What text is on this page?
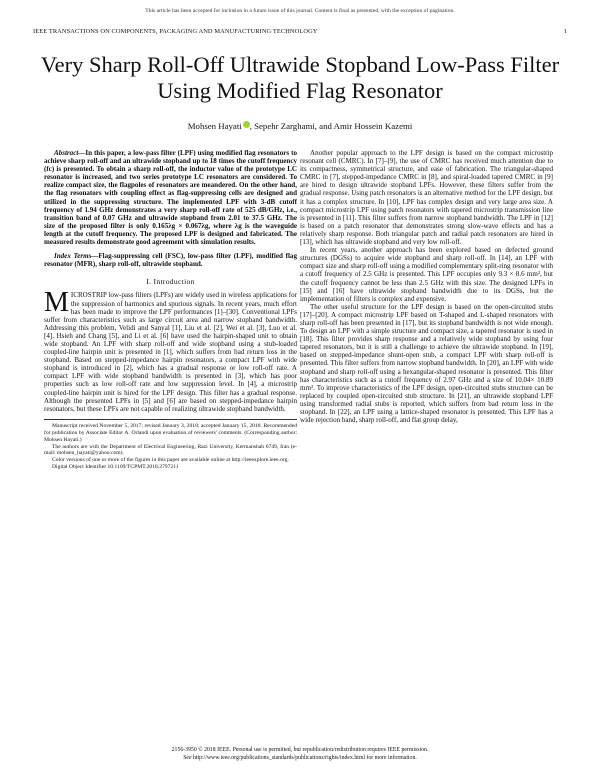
This article has been accepted for inclusion in a future issue of this journal. Content is final as presented, with the exception of pagination.
IEEE TRANSACTIONS ON COMPONENTS, PACKAGING AND MANUFACTURING TECHNOLOGY	1
Very Sharp Roll-Off Ultrawide Stopband Low-Pass Filter Using Modified Flag Resonator
Mohsen Hayati , Sepehr Zarghami, and Amir Hossein Kazemi

Abstract—In this paper, a low-pass filter (LPF) using modified flag resonators to achieve sharp roll-off and an ultrawide stopband up to 18 times the cutoff frequency (fc) is presented. To obtain a sharp roll-off, the inductor value of the prototype LC resonator is increased, and two series prototype LC resonators are considered. To realize compact size, the flagpoles of resonators are meandered. On the other hand, the flag resonators with coupling effect as flag-suppressing cells are designed and utilized in the suppressing structure. The implemented LPF with 3-dB cutoff frequency of 1.94 GHz demonstrates a very sharp roll-off rate of 525 dB/GHz, i.e., transition band of 0.07 GHz and ultrawide stopband from 2.01 to 37.5 GHz. The size of the proposed filter is only 0.165λg × 0.067λg, where λg is the waveguide length at the cutoff frequency. The proposed LPF is designed and fabricated. The measured results demonstrate good agreement with simulation results.

Index Terms—Flag-suppressing cell (FSC), low-pass filter (LPF), modified flag resonator (MFR), sharp roll-off, ultrawide stopband.

I. Introduction

MICROSTRIP low-pass filters (LPFs) are widely used in wireless applications for the suppression of harmonics and spurious signals. In recent years, much effort has been made to improve the LPF performances [1]–[30]. Conventional LPFs suffer from characteristics such as large circuit area and narrow stopband bandwidth. Addressing this problem, Velidi and Sanyal [1], Liu et al. [2], Wei et al. [3], Luo et al. [4], Hsieh and Chang [5], and Li et al. [6] have used the hairpin-shaped unit to obtain wide stopband. An LPF with sharp roll-off and wide stopband using a stub-loaded coupled-line hairpin unit is presented in [1], which suffers from bad return loss in the stopband. Based on stepped-impedance hairpin resonators, a compact LPF with wide stopband is introduced in [2], which has a gradual response or low roll-off rate. A compact LPF with wide stopband bandwidth is presented in [3], which has poor properties such as low roll-off rate and low suppression level. In [4], a microstrip coupled-line hairpin unit is hired for the LPF design. This filter has a gradual response. Although the presented LPFs in [5] and [6] are based on stepped-impedance hairpin resonators, but these LPFs are not capable of realizing ultrawide stopband bandwidth.

Manuscript received November 5, 2017; revised January 3, 2018; accepted January 15, 2018. Recommended for publication by Associate Editor A. Orlandi upon evaluation of reviewers' comments. (Corresponding author: Mohsen Hayati.)

The authors are with the Department of Electrical Engineering, Razi University, Kermanshah 6749, Iran (e-mail: mohsen_hayati@yahoo.com).

Color versions of one or more of the figures in this paper are available online at http://ieeexplore.ieee.org.

Digital Object Identifier 10.1109/TCPMT.2018.2797211

Another popular approach to the LPF design is based on the compact microstrip resonant cell (CMRC). In [7]–[9], the use of CMRC has received much attention due to its compactness, symmetrical structure, and ease of fabrication. The triangular-shaped CMRC in [7], stepped-impedance CMRC in [8], and spiral-loaded tapered CMRC in [9] are hired to design ultrawide stopband LPFs. However, these filters suffer from the gradual response. Using patch resonators is an alternative method for the LPF design, but it has a complex structure. In [10], LPF has complex design and very large area size. A compact microstrip LPF using patch resonators with tapered microstrip transmission line is presented in [11]. This filter suffers from narrow stopband bandwidth. The LPF in [12] is based on a patch resonator that demonstrates strong slow-wave effects and has a relatively sharp response. Both triangular patch and radial patch resonators are hired in [13], which has ultrawide stopband and very low roll-off.

In recent years, another approach has been explored based on defected ground structures (DGSs) to acquire wide stopband and sharp roll-off. In [14], an LPF with compact size and sharp roll-off using a modified complementary split-ring resonator with a cutoff frequency of 2.5 GHz is presented. This LPF occupies only 9.3 × 8.6 mm², but the cutoff frequency cannot be less than 2.5 GHz with this size. The designed LPFs in [15] and [16] have ultrawide stopband bandwidth due to its DGSs, but the implementation of filters is complex and expensive.

The other useful structure for the LPF design is based on the open-circuited stubs [17]–[20]. A compact microstrip LPF based on T-shaped and L-shaped resonators with sharp roll-off has been presented in [17], but its stopband bandwidth is not wide enough. To design an LPF with a simple structure and compact size, a tapered resonator is used in [18]. This filter provides sharp response and a relatively wide stopband by using four tapered resonators, but it is still a challenge to achieve the ultrawide stopband. In [19], based on stepped-impedance shunt-open stub, a compact LPF with sharp roll-off is presented. This filter suffers from narrow stopband bandwidth. In [20], an LPF with wide stopband and sharp roll-off using a hexangular-shaped resonator is presented. This filter has characteristics such as a cutoff frequency of 2.97 GHz and a size of 10.04× 10.89 mm². To improve characteristics of the LPF design, open-circuited stubs structure can be replaced by coupled open-circuited stub structure. In [21], an ultrawide stopband LPF using transformed radial stubs is reported, which suffers from bad return loss in the stopband. In [22], an LPF using a lattice-shaped resonator is presented. This LPF has a wide rejection band, sharp roll-off, and flat group delay,

2156-3950 © 2018 IEEE. Personal use is permitted, but republication/redistribution requires IEEE permission.
See http://www.ieee.org/publications_standards/publications/rights/index.html for more information.
